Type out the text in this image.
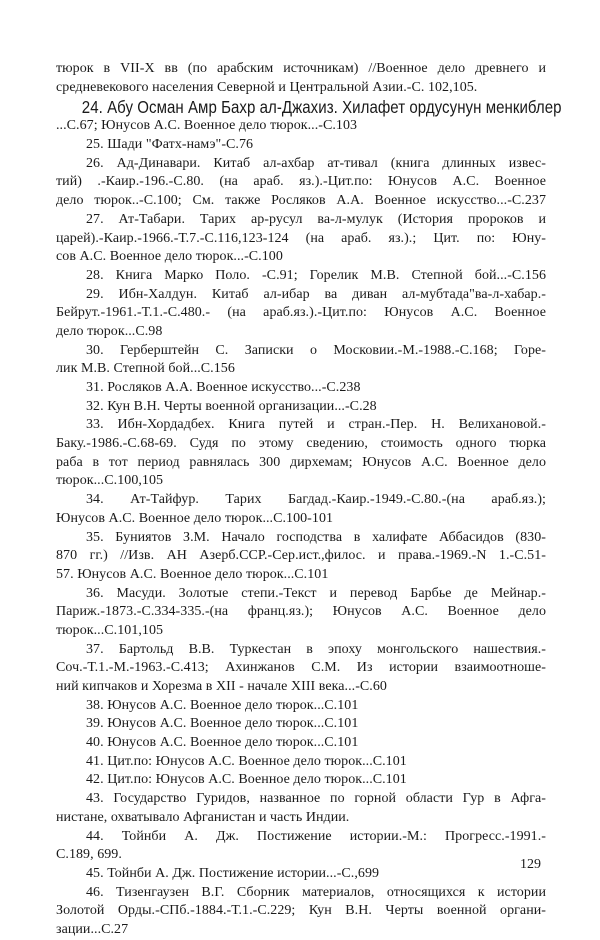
тюрок в VII-X вв (по арабским источникам) //Военное дело древнего и
средневекового населения Северной и Центральной Азии.-С. 102,105.
24. Абу Осман Амр Бахр ал-Джахиз. Хилафет ордусунун менкиблер
...С.67; Юнусов А.С. Военное дело тюрок...-С.103
25. Шади "Фатх-намэ"-С.76
26. Ад-Динавари. Китаб ал-ахбар ат-тивал (книга длинных извес-
тий) .-Каир.-196.-С.80. (на араб. яз.).-Цит.по: Юнусов А.С. Военное
дело тюрок..-С.100; См. также Росляков А.А. Военное искусство...-С.237
27. Ат-Табари. Тарих ар-русул ва-л-мулук (История пророков и
царей).-Каир.-1966.-Т.7.-С.116,123-124 (на араб. яз.).; Цит. по: Юну-
сов А.С. Военное дело тюрок...-С.100
28. Книга Марко Поло. -С.91; Горелик М.В. Степной бой...-С.156
29. Ибн-Халдун. Китаб ал-ибар ва диван ал-мубтада"ва-л-хабар.-
Бейрут.-1961.-Т.1.-С.480.- (на араб.яз.).-Цит.по: Юнусов А.С. Военное
дело тюрок...С.98
30. Герберштейн С. Записки о Московии.-М.-1988.-С.168; Горе-
лик М.В. Степной бой...С.156
31. Росляков А.А. Военное искусство...-С.238
32. Кун В.Н. Черты военной организации...-С.28
33. Ибн-Хордадбех. Книга путей и стран.-Пер. Н. Велихановой.-
Баку.-1986.-С.68-69. Судя по этому сведению, стоимость одного тюрка
раба в тот период равнялась 300 дирхемам; Юнусов А.С. Военное дело
тюрок...С.100,105
34. Ат-Тайфур. Тарих Багдад.-Каир.-1949.-С.80.-(на араб.яз.);
Юнусов А.С. Военное дело тюрок...С.100-101
35. Буниятов З.М. Начало господства в халифате Аббасидов (830-
870 гг.) //Изв. АН Азерб.ССР.-Сер.ист.,филос. и права.-1969.-N 1.-С.51-
57. Юнусов А.С. Военное дело тюрок...С.101
36. Масуди. Золотые степи.-Текст и перевод Барбье де Мейнар.-
Париж.-1873.-С.334-335.-(на франц.яз.); Юнусов А.С. Военное дело
тюрок...С.101,105
37. Бартольд В.В. Туркестан в эпоху монгольского нашествия.-
Соч.-Т.1.-М.-1963.-С.413; Ахинжанов С.М. Из истории взаимоотноше-
ний кипчаков и Хорезма в XII - начале XIII века...-С.60
38. Юнусов А.С. Военное дело тюрок...С.101
39. Юнусов А.С. Военное дело тюрок...С.101
40. Юнусов А.С. Военное дело тюрок...С.101
41. Цит.по: Юнусов А.С. Военное дело тюрок...С.101
42. Цит.по: Юнусов А.С. Военное дело тюрок...С.101
43. Государство Гуридов, названное по горной области Гур в Афга-
нистане, охватывало Афганистан и часть Индии.
44. Тойнби А. Дж. Постижение истории.-М.: Прогресс.-1991.-
С.189, 699.
45. Тойнби А. Дж. Постижение истории...-С.,699
46. Тизенгаузен В.Г. Сборник материалов, относящихся к истории
Золотой Орды.-СПб.-1884.-Т.1.-С.229; Кун В.Н. Черты военной органи-
зации...С.27
129
